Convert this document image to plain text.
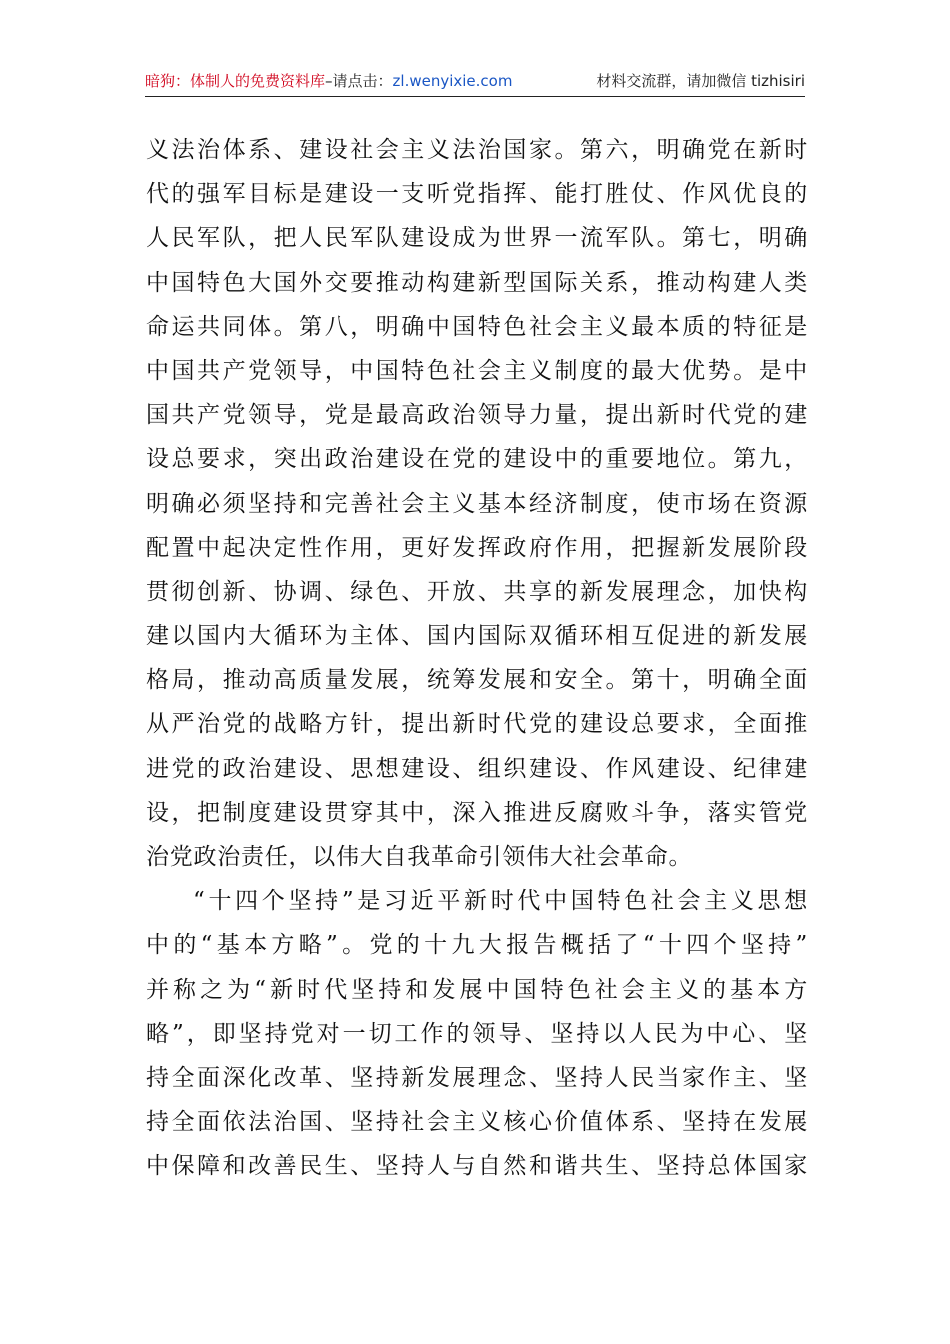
暗狗：体制人的免费资料库 –请点击： zl.wenyixie.com	材料交流群，请加微信 tizhisiri
义法治体系、建设社会主义法治国家。第六，明确党在新时
代的强军目标是建设一支听党指挥、能打胜仗、作风优良的
人民军队，把人民军队建设成为世界一流军队。第七，明确
中国特色大国外交要推动构建新型国际关系，推动构建人类
命运共同体。第八，明确中国特色社会主义最本质的特征是
中国共产党领导，中国特色社会主义制度的最大优势。是中
国共产党领导，党是最高政治领导力量，提出新时代党的建
设总要求，突出政治建设在党的建设中的重要地位。第九，
明确必须坚持和完善社会主义基本经济制度，使市场在资源
配置中起决定性作用，更好发挥政府作用，把握新发展阶段
贯彻创新、协调、绿色、开放、共享的新发展理念，加快构
建以国内大循环为主体、国内国际双循环相互促进的新发展
格局，推动高质量发展，统筹发展和安全。第十，明确全面
从严治党的战略方针，提出新时代党的建设总要求，全面推
进党的政治建设、思想建设、组织建设、作风建设、纪律建
设，把制度建设贯穿其中，深入推进反腐败斗争，落实管党
治党政治责任，以伟大自我革命引领伟大社会革命。
“十四个坚持”是习近平新时代中国特色社会主义思想
中的“基本方略”。党的十九大报告概括了“十四个坚持”
并称之为“新时代坚持和发展中国特色社会主义的基本方
略”，即坚持党对一切工作的领导、坚持以人民为中心、坚
持全面深化改革、坚持新发展理念、坚持人民当家作主、坚
持全面依法治国、坚持社会主义核心价值体系、坚持在发展
中保障和改善民生、坚持人与自然和谐共生、坚持总体国家
